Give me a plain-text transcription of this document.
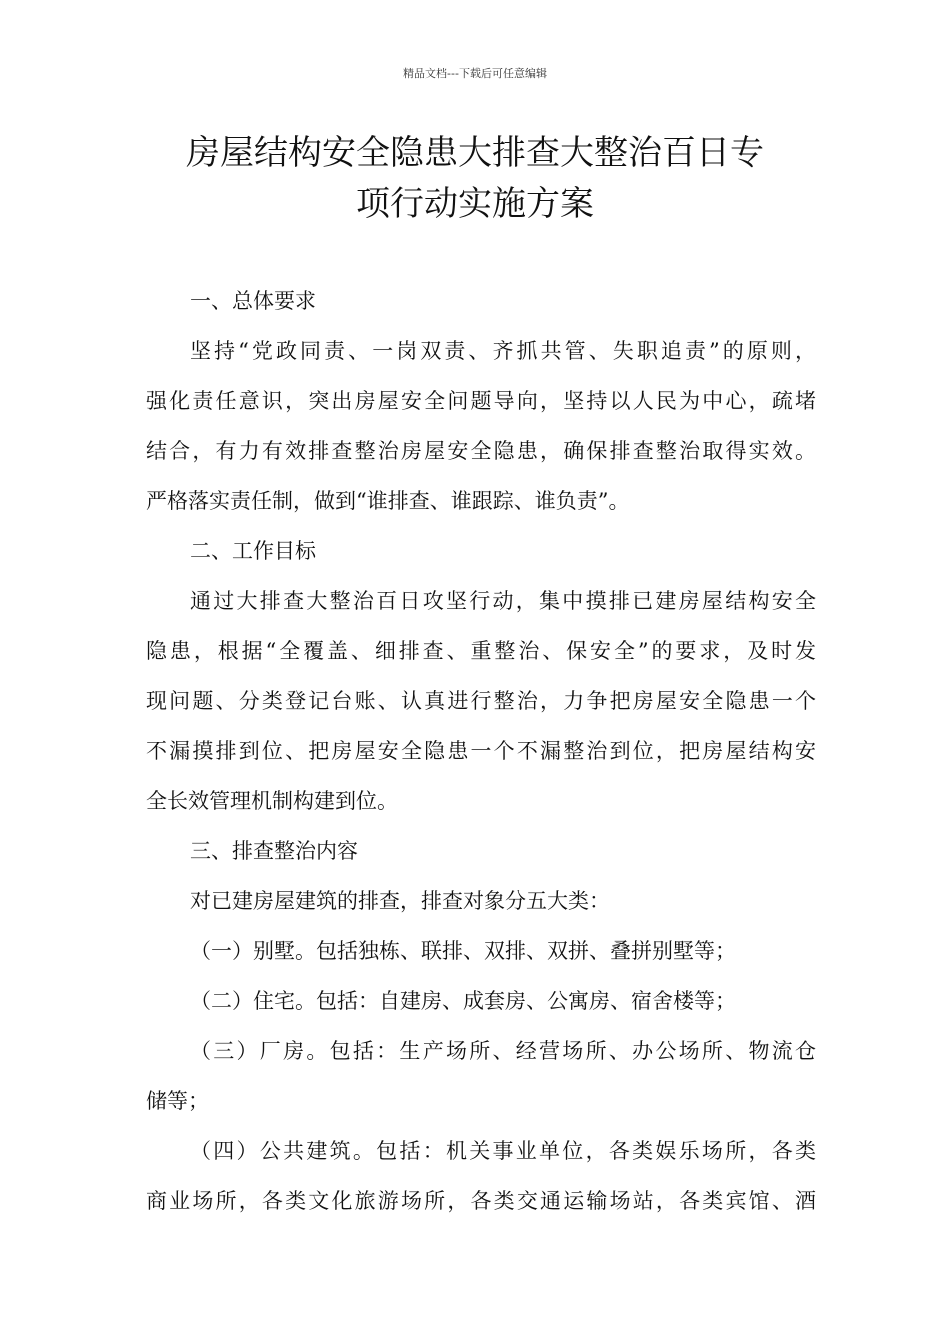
精品文档---下载后可任意编辑
房屋结构安全隐患大排查大整治百日专
项行动实施方案
一、总体要求
坚持“党政同责、一岗双责、齐抓共管、失职追责”的原则，
强化责任意识，突出房屋安全问题导向，坚持以人民为中心，疏堵
结合，有力有效排查整治房屋安全隐患，确保排查整治取得实效。
严格落实责任制，做到“谁排查、谁跟踪、谁负责”。
二、工作目标
通过大排查大整治百日攻坚行动，集中摸排已建房屋结构安全
隐患，根据“全覆盖、细排查、重整治、保安全”的要求，及时发
现问题、分类登记台账、认真进行整治，力争把房屋安全隐患一个
不漏摸排到位、把房屋安全隐患一个不漏整治到位，把房屋结构安
全长效管理机制构建到位。
三、排查整治内容
对已建房屋建筑的排查，排查对象分五大类：
（一）别墅。包括独栋、联排、双排、双拼、叠拼别墅等；
（二）住宅。包括：自建房、成套房、公寓房、宿舍楼等；
（三）厂房。包括：生产场所、经营场所、办公场所、物流仓
储等；
（四）公共建筑。包括：机关事业单位，各类娱乐场所，各类
商业场所，各类文化旅游场所，各类交通运输场站，各类宾馆、酒
